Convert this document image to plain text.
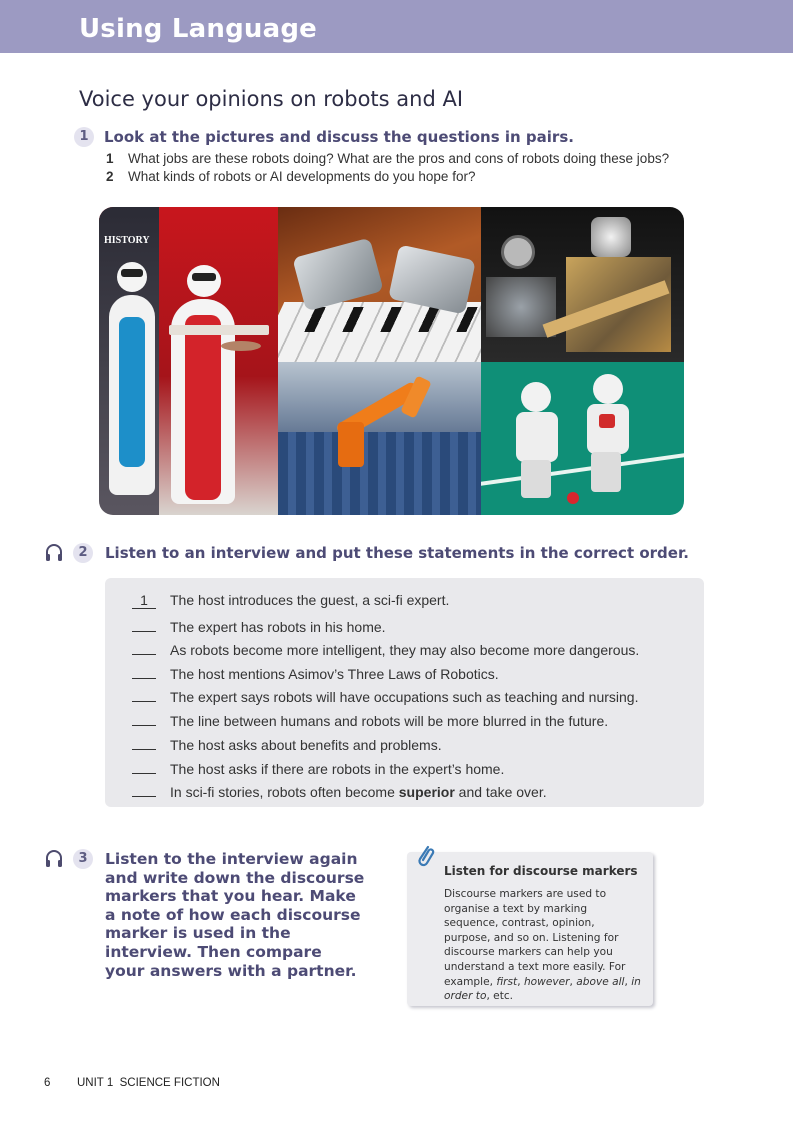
Using Language
Voice your opinions on robots and AI
1	Look at the pictures and discuss the questions in pairs.
1 What jobs are these robots doing? What are the pros and cons of robots doing these jobs?
2 What kinds of robots or AI developments do you hope for?
HISTORY
2	Listen to an interview and put these statements in the correct order.
1 The host introduces the guest, a sci-fi expert.
The expert has robots in his home.
As robots become more intelligent, they may also become more dangerous.
The host mentions Asimov’s Three Laws of Robotics.
The expert says robots will have occupations such as teaching and nursing.
The line between humans and robots will be more blurred in the future.
The host asks about benefits and problems.
The host asks if there are robots in the expert’s home.
In sci-fi stories, robots often become superior and take over.
3	Listen to the interview again and write down the discourse markers that you hear. Make a note of how each discourse marker is used in the interview. Then compare your answers with a partner.
Listen for discourse markers
Discourse markers are used to organise a text by marking sequence, contrast, opinion, purpose, and so on. Listening for discourse markers can help you understand a text more easily. For example, first, however, above all, in order to, etc.
6 UNIT 1  SCIENCE FICTION
